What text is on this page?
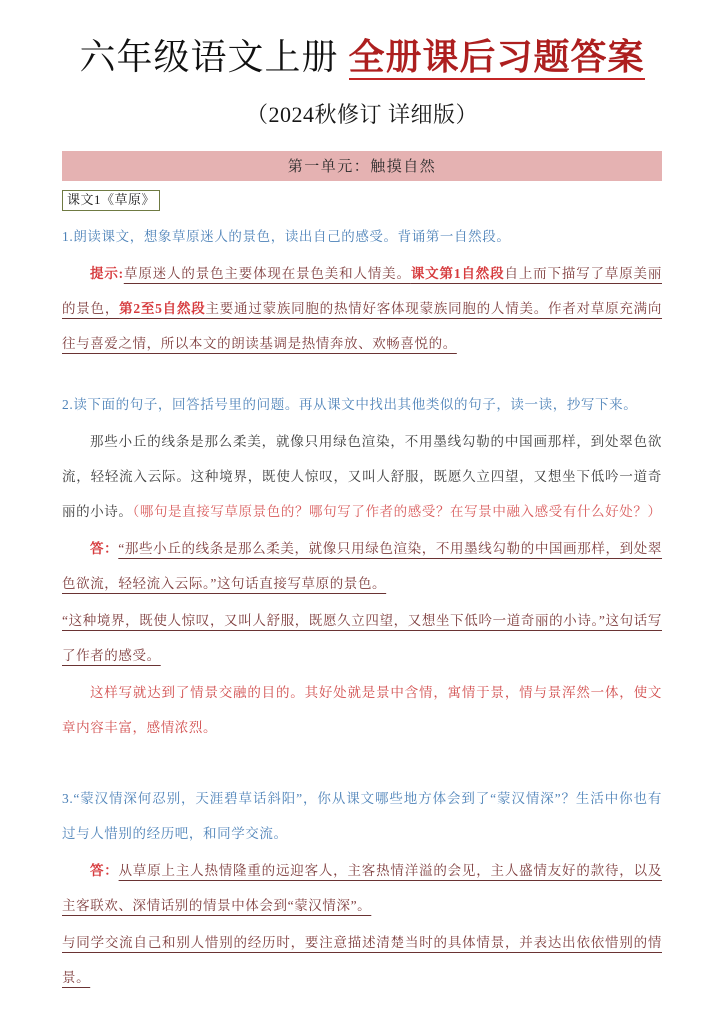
六年级语文上册 全册课后习题答案
（2024秋修订 详细版）
第一单元：触摸自然
课文1《草原》
1.朗读课文，想象草原迷人的景色，读出自己的感受。背诵第一自然段。
提示:草原迷人的景色主要体现在景色美和人情美。课文第1自然段自上而下描写了草原美丽的景色，第2至5自然段主要通过蒙族同胞的热情好客体现蒙族同胞的人情美。作者对草原充满向往与喜爱之情，所以本文的朗读基调是热情奔放、欢畅喜悦的。
2.读下面的句子，回答括号里的问题。再从课文中找出其他类似的句子，读一读，抄写下来。
那些小丘的线条是那么柔美，就像只用绿色渲染，不用墨线勾勒的中国画那样，到处翠色欲流，轻轻流入云际。这种境界，既使人惊叹，又叫人舒服，既愿久立四望，又想坐下低吟一道奇丽的小诗。（哪句是直接写草原景色的？哪句写了作者的感受？在写景中融入感受有什么好处？）
答：“那些小丘的线条是那么柔美，就像只用绿色渲染，不用墨线勾勒的中国画那样，到处翠色欲流，轻轻流入云际。”这句话直接写草原的景色。
“这种境界，既使人惊叹，又叫人舒服，既愿久立四望，又想坐下低吟一道奇丽的小诗。”这句话写了作者的感受。
这样写就达到了情景交融的目的。其好处就是景中含情，寓情于景，情与景浑然一体，使文章内容丰富，感情浓烈。
3.“蒙汉情深何忍别，天涯碧草话斜阳”，你从课文哪些地方体会到了“蒙汉情深”？生活中你也有过与人惜别的经历吧，和同学交流。
答：从草原上主人热情隆重的远迎客人，主客热情洋溢的会见，主人盛情友好的款待，以及主客联欢、深情话别的情景中体会到“蒙汉情深”。
与同学交流自己和别人惜别的经历时，要注意描述清楚当时的具体情景，并表达出依依惜别的情景。
